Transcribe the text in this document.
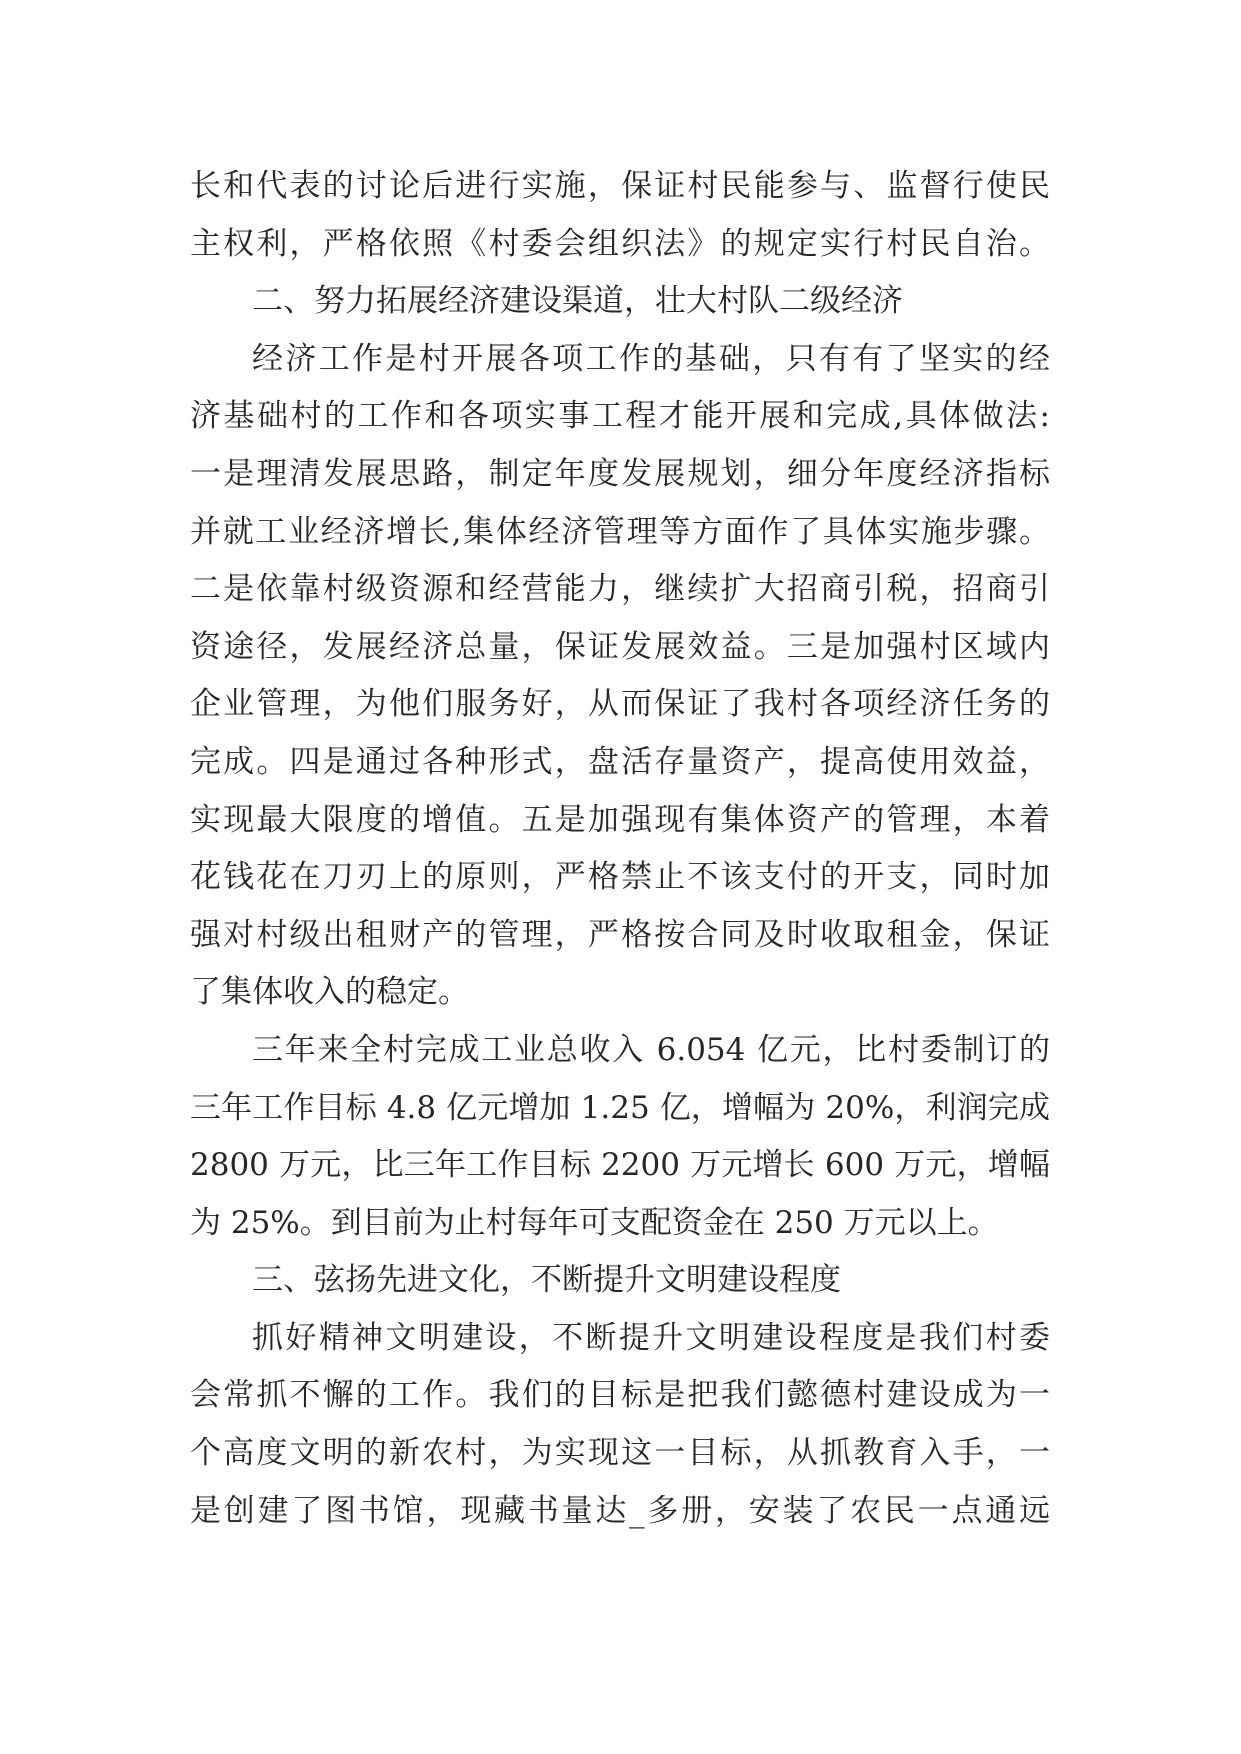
长和代表的讨论后进行实施，保证村民能参与、监督行使民
主权利，严格依照《村委会组织法》的规定实行村民自治。
二、努力拓展经济建设渠道，壮大村队二级经济
经济工作是村开展各项工作的基础，只有有了坚实的经
济基础村的工作和各项实事工程才能开展和完成,具体做法:
一是理清发展思路，制定年度发展规划，细分年度经济指标
并就工业经济增长,集体经济管理等方面作了具体实施步骤。
二是依靠村级资源和经营能力，继续扩大招商引税，招商引
资途径，发展经济总量，保证发展效益。三是加强村区域内
企业管理，为他们服务好，从而保证了我村各项经济任务的
完成。四是通过各种形式，盘活存量资产，提高使用效益，
实现最大限度的增值。五是加强现有集体资产的管理，本着
花钱花在刀刃上的原则，严格禁止不该支付的开支，同时加
强对村级出租财产的管理，严格按合同及时收取租金，保证
了集体收入的稳定。
三年来全村完成工业总收入 6.054 亿元，比村委制订的
三年工作目标 4.8 亿元增加 1.25 亿，增幅为 20%，利润完成
2800 万元，比三年工作目标 2200 万元增长 600 万元，增幅
为 25%。到目前为止村每年可支配资金在 250 万元以上。
三、弦扬先进文化，不断提升文明建设程度
抓好精神文明建设，不断提升文明建设程度是我们村委
会常抓不懈的工作。我们的目标是把我们懿德村建设成为一
个高度文明的新农村，为实现这一目标，从抓教育入手，一
是创建了图书馆，现藏书量达_多册，安装了农民一点通远
